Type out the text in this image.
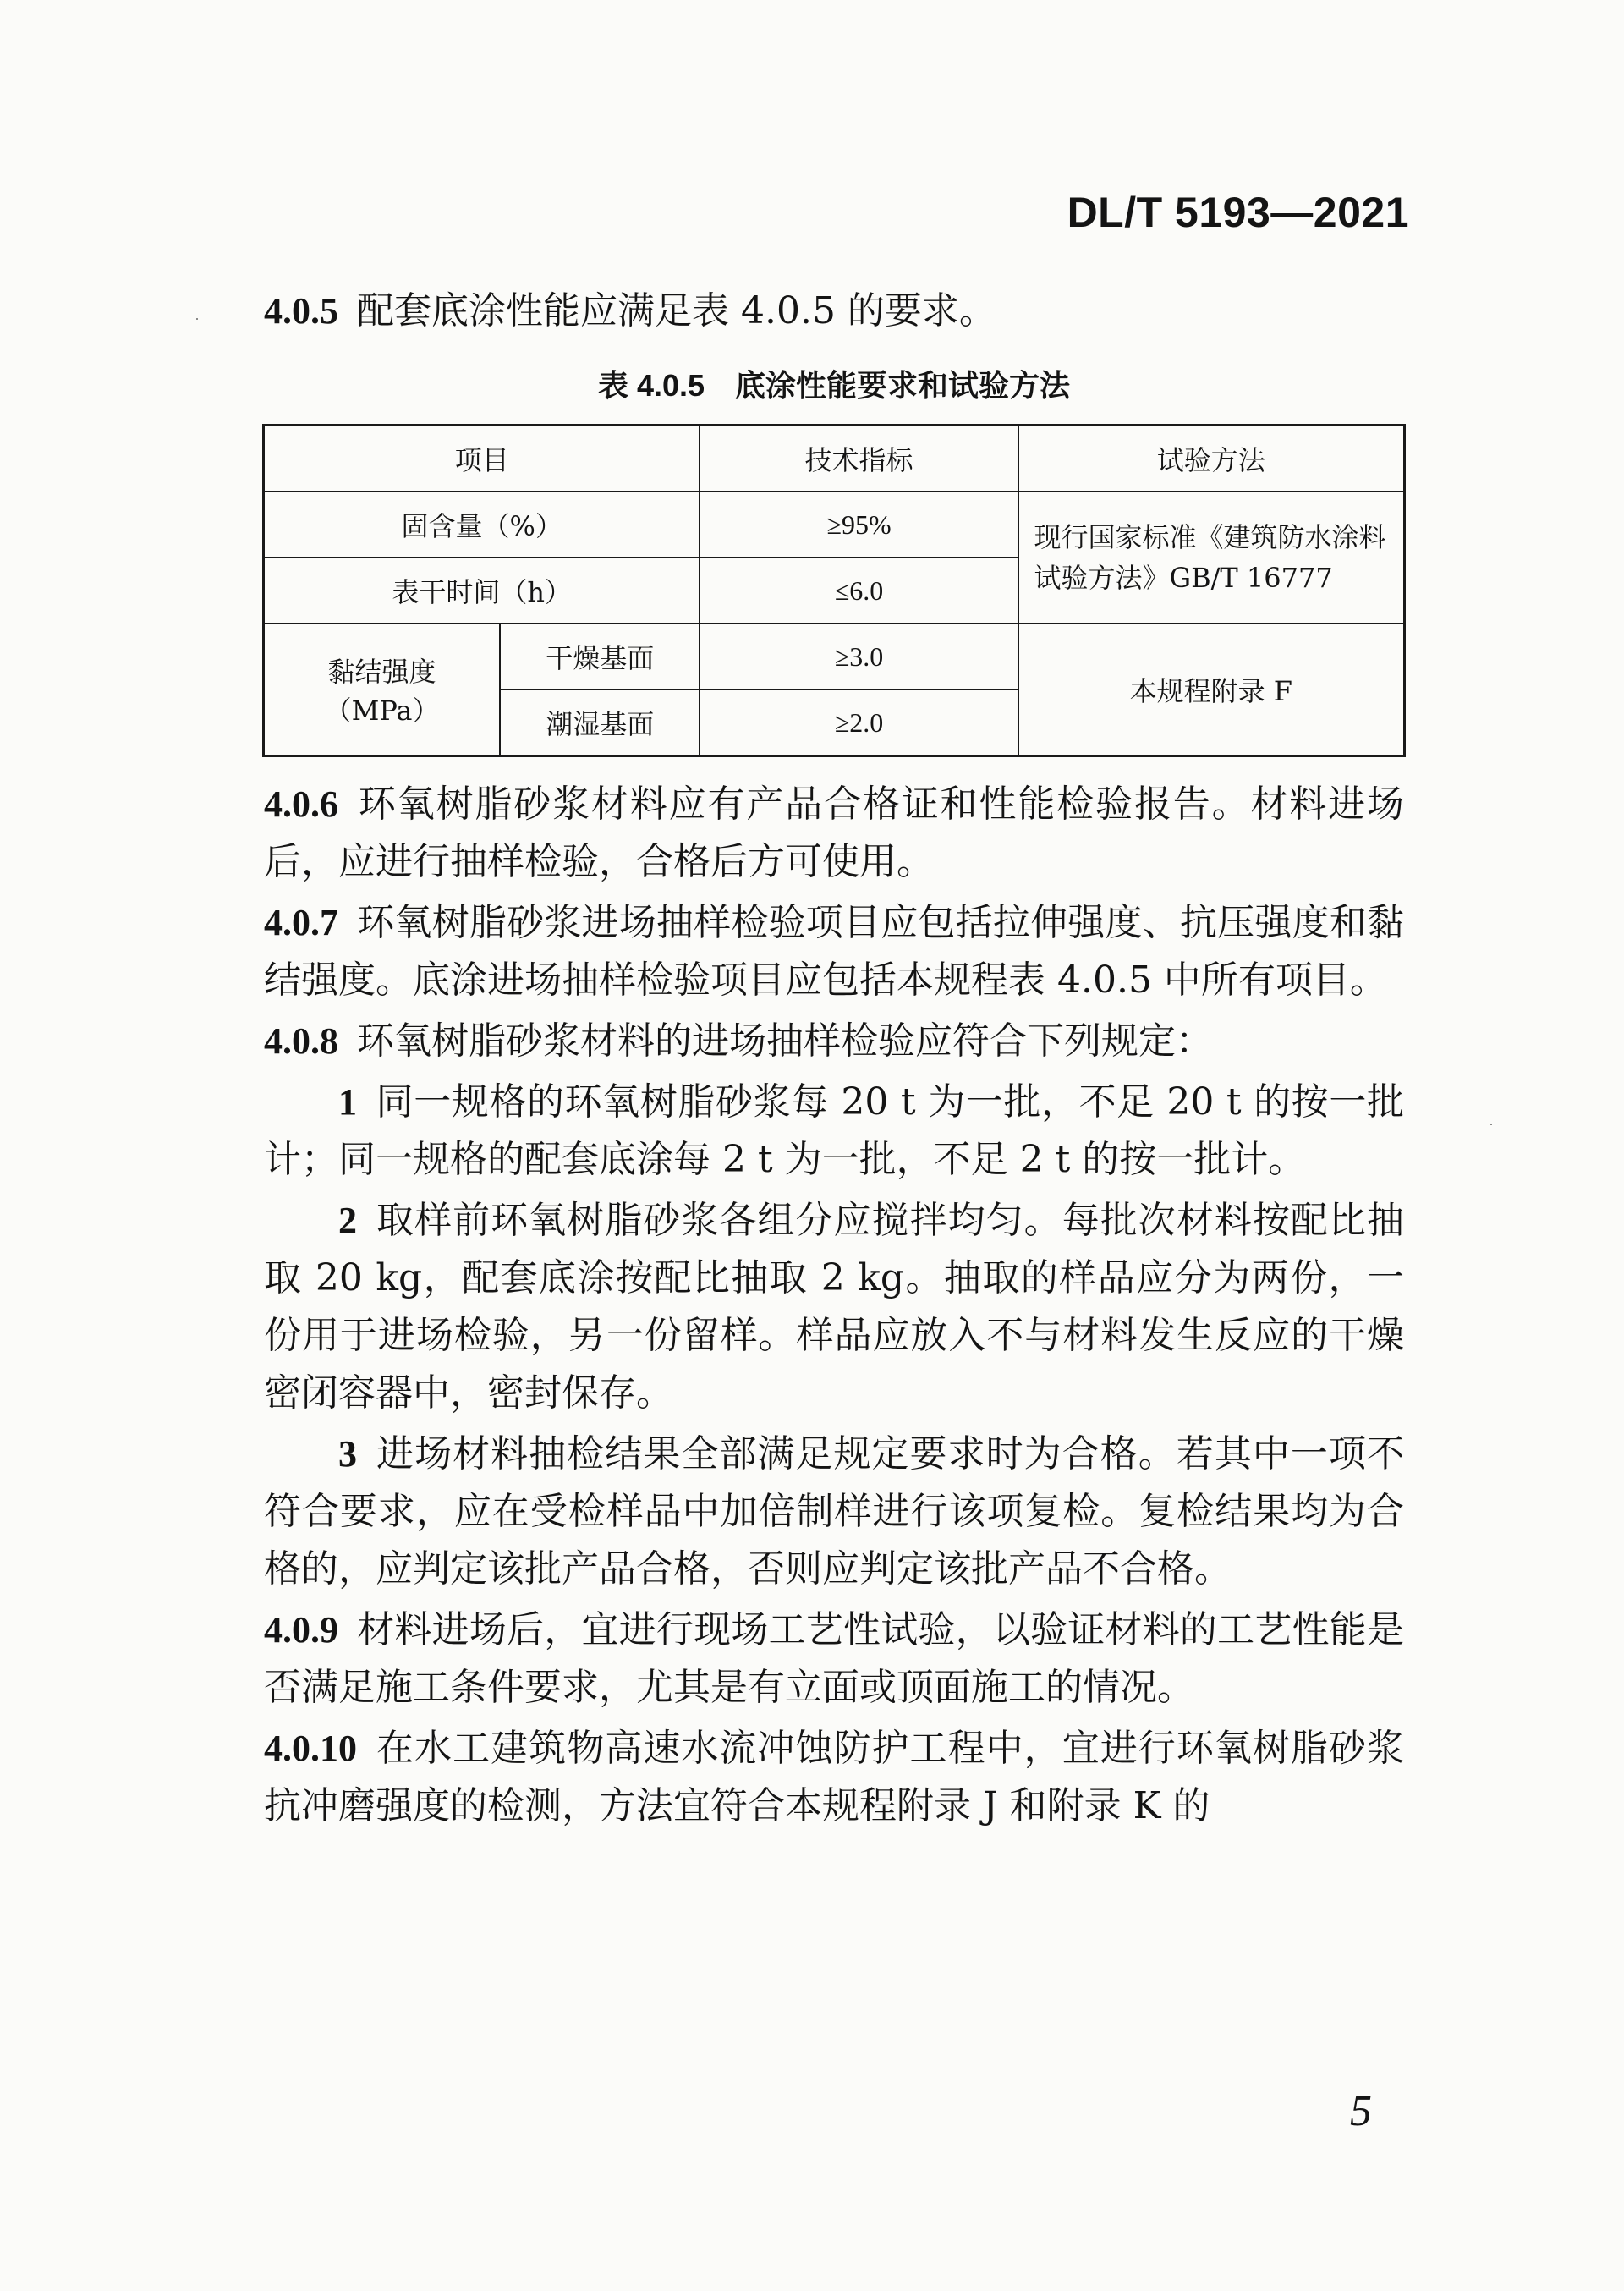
DL/T 5193—2021

4.0.5 配套底涂性能应满足表 4.0.5 的要求。

表 4.0.5 底涂性能要求和试验方法
项目		技术指标	试验方法
固含量（%）		≥95%	现行国家标准《建筑防水涂料试验方法》GB/T 16777
表干时间（h）		≤6.0	

黏结强度
（MPa）	干燥基面	≥3.0	本规程附录 F
	潮湿基面	≥2.0	

4.0.6 环氧树脂砂浆材料应有产品合格证和性能检验报告。材料进场后，应进行抽样检验，合格后方可使用。

4.0.7 环氧树脂砂浆进场抽样检验项目应包括拉伸强度、抗压强度和黏结强度。底涂进场抽样检验项目应包括本规程表 4.0.5 中所有项目。

4.0.8 环氧树脂砂浆材料的进场抽样检验应符合下列规定：

1 同一规格的环氧树脂砂浆每 20 t 为一批，不足 20 t 的按一批计；同一规格的配套底涂每 2 t 为一批，不足 2 t 的按一批计。

2 取样前环氧树脂砂浆各组分应搅拌均匀。每批次材料按配比抽取 20 kg，配套底涂按配比抽取 2 kg。抽取的样品应分为两份，一份用于进场检验，另一份留样。样品应放入不与材料发生反应的干燥密闭容器中，密封保存。

3 进场材料抽检结果全部满足规定要求时为合格。若其中一项不符合要求，应在受检样品中加倍制样进行该项复检。复检结果均为合格的，应判定该批产品合格，否则应判定该批产品不合格。

4.0.9 材料进场后，宜进行现场工艺性试验，以验证材料的工艺性能是否满足施工条件要求，尤其是有立面或顶面施工的情况。

4.0.10 在水工建筑物高速水流冲蚀防护工程中，宜进行环氧树脂砂浆抗冲磨强度的检测，方法宜符合本规程附录 J 和附录 K 的

5
